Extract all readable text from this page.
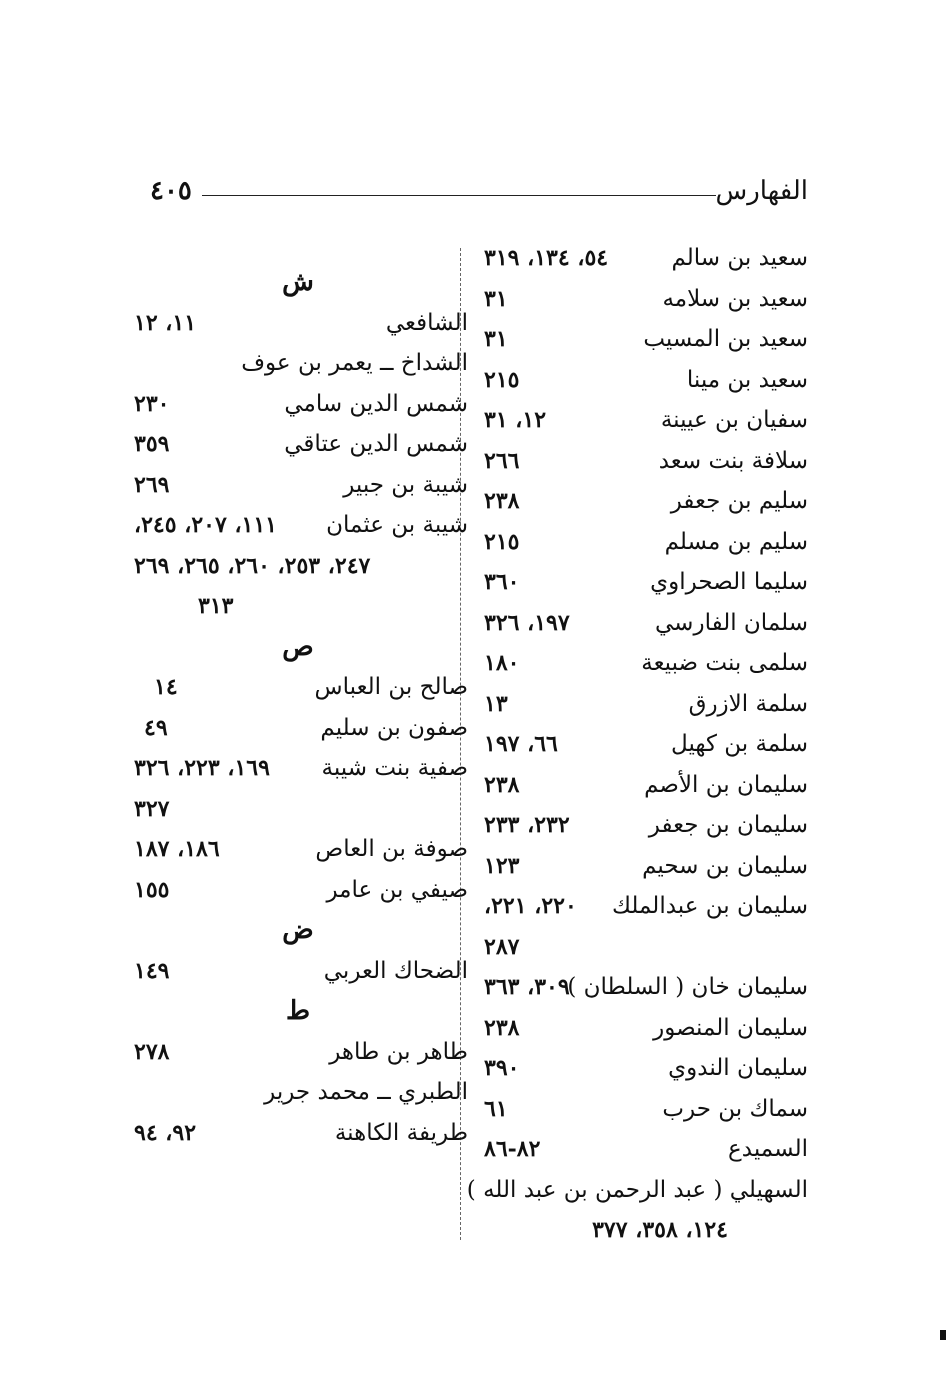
٤٠٥	الفهارس
سعيد بن سالم
٥٤، ١٣٤، ٣١٩
سعيد بن سلامه
٣١
سعيد بن المسيب
٣١
سعيد بن مينا
٢١٥
سفيان بن عيينة
١٢، ٣١
سلافة بنت سعد
٢٦٦
سليم بن جعفر
٢٣٨
سليم بن مسلم
٢١٥
سليما الصحراوي
٣٦٠
سلمان الفارسي
١٩٧، ٣٢٦
سلمى بنت ضبيعة
١٨٠
سلمة الازرق
١٣
سلمة بن كهيل
٦٦، ١٩٧
سليمان بن الأصم
٢٣٨
سليمان بن جعفر
٢٣٢، ٢٣٣
سليمان بن سحيم
١٢٣
سليمان بن عبدالملك
٢٢٠، ٢٢١،
٢٨٧
سليمان خان ( السلطان )
٣٠٩، ٣٦٣
سليمان المنصور
٢٣٨
سليمان الندوي
٣٩٠
سماك بن حرب
٦١
السميدع
٨٢-٨٦
السهيلي ( عبد الرحمن بن عبد الله )
١٢٤، ٣٥٨، ٣٧٧
ش
الشافعي
١١، ١٢
الشداخ ــ يعمر بن عوف
شمس الدين سامي
٢٣٠
شمس الدين عتاقي
٣٥٩
شيبة بن جبير
٢٦٩
شيبة بن عثمان
١١١، ٢٠٧، ٢٤٥،
٢٤٧، ٢٥٣، ٢٦٠، ٢٦٥، ٢٦٩
٣١٣
ص
صالح بن العباس
١٤
صفون بن سليم
٤٩
صفية بنت شيبة
١٦٩، ٢٢٣، ٣٢٦
٣٢٧
صوفة بن العاص
١٨٦، ١٨٧
صيفي بن عامر
١٥٥
ض
الضحاك العربي
١٤٩
ط
طاهر بن طاهر
٢٧٨
الطبري ــ محمد جرير
طريفة الكاهنة
٩٢، ٩٤
